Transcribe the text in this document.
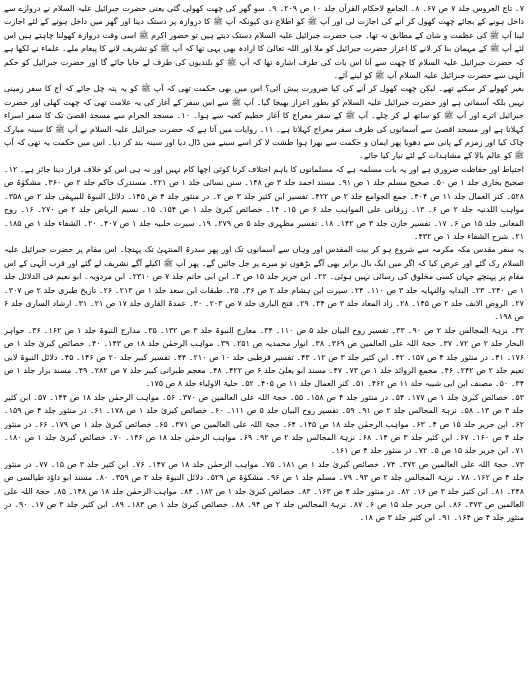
۷۔ تاج العروس جلد ۷ ص ۶۷۔ ۸۔ الجامع لاحکام القرآن جلد ۱۰ ص ۲۰۹۔ ۹۔ سو گھر کی چھت کھولی گئی یعنی حضرت جبرائیل علیہ السلام نے دروازے سے داخل ہونے کے بجائے چھت کھول کر آنے کی اجازت لی اور آپ ﷺ کو اطلاع دی کیونکہ آپ ﷺ کا دروازہ پر دستک دینا اور گھر میں داخل ہونے کے لئے اجازت لینا آپ ﷺ کی عظمت و شان کے مطابق نہ تھا۔ جب حضرت جبرائیل علیہ السلام دستک دیتے ہیں تو حضور اکرم ﷺ اسی وقت دروازہ کھولنا چاہتے ہیں اس لئے آپ ﷺ کے مہمان بنا کر لانے کا اعزاز حضرت جبرائیل کو ملا اور اللہ تعالیٰ کا ارادہ بھی یہی تھا کہ آپ ﷺ کو تشریف لانے کا پیغام ملے۔ علماء نے لکھا ہے کہ حضرت جبرائیل علیہ السلام کا چھت سے آنا اس بات کی طرف اشارہ تھا کہ آپ ﷺ کو بلندیوں کی طرف لے جایا جائے گا اور حضرت جبرائیل کو حکم الٰہی سے حضرت جبرائیل علیہ السلام آپ ﷺ کو لینے آئے۔

بغیر کھولے کر سکتے تھے۔ لیکن چھت کھول کر آنے کی کیا ضرورت پیش آئی؟ اس میں بھی حکمت تھی کہ آپ ﷺ کو یہ پتہ چل جائے کہ آج کا سفر زمینی نہیں بلکہ آسمانی ہے اور حضرت جبرائیل علیہ السلام کو بطور اعزاز بھیجا گیا۔ آپ ﷺ سے اس سفر کے آغاز کی یہ علامت تھی کہ چھت کھلی اور حضرت جبرائیل اترے اور آپ ﷺ کو ساتھ لے کر چلے۔ آپ ﷺ کے سفر معراج کا آغاز حطیم کعبہ سے ہوا۔ ۱۰۔ مسجد الحرام سے مسجد اقصیٰ تک کا سفر اسراء کہلاتا ہے اور مسجد اقصیٰ سے آسمانوں کی طرف سفر معراج کہلاتا ہے۔ ۱۱۔ روایات میں آتا ہے کہ حضرت جبرائیل علیہ السلام نے آپ ﷺ کا سینہ مبارک چاک کیا اور زمزم کے پانی سے دھویا پھر ایمان و حکمت سے بھرا ہوا طشت لا کر اسے سینے میں ڈال دیا اور سینہ بند کر دیا۔ اس میں حکمت یہ تھی کہ آپ ﷺ کو عالم بالا کے مشاہدات کے لئے تیار کیا جائے۔

احتیاط اور حفاظت ضروری ہے اور یہ بات مسلمہ ہے کہ مسلمانوں کا باہم اختلاف کرنا کوئی اچھا کام نہیں اور نہ ہی اس کو خلاف قرار دینا جائز ہے۔ ۱۲۔ صحیح بخاری جلد ۱ ص ۵۰۔ صحیح مسلم جلد ۱ ص ۹۱۔ مسند احمد جلد ۳ ص ۱۴۸۔ سنن نسائی جلد ۱ ص ۲۲۱۔ مستدرک حاکم جلد ۲ ص ۳۶۰۔ مشکوٰۃ ص ۵۲۸۔ کنز العمال جلد ۱۱ ص ۴۰۴۔ جمع الجوامع جلد ۲ ص ۴۲۲۔ تفسیر ابن کثیر جلد ۳ ص ۲۔ در منثور جلد ۴ ص ۱۴۵۔ دلائل النبوۃ للبیہقی جلد ۲ ص ۳۵۸۔ مواہب اللدنیہ جلد ۲ ص ۶۔ ۱۳۔ زرقانی علی المواہب جلد ۶ ص ۱۵۔ ۱۴۔ خصائص کبریٰ جلد ۱ ص ۱۵۴۔ ۱۵۔ نسیم الریاض جلد ۲ ص ۲۷۰۔ ۱۶۔ روح المعانی جلد ۱۵ ص ۶۔ ۱۷۔ تفسیر خازن جلد ۳ ص ۱۴۲۔ ۱۸۔ تفسیر مظہری جلد ۵ ص ۲۷۹۔ ۱۹۔ سیرت حلبیہ جلد ۱ ص ۴۰۷۔ ۲۰۔ الشفاء جلد ۱ ص ۱۸۵۔ ۲۱۔ شرح الشفاء جلد ۱ ص ۴۳۲۔

یہ سفر مقدس مکہ مکرمہ سے شروع ہو کر بیت المقدس اور وہاں سے آسمانوں تک اور پھر سدرۃ المنتہیٰ تک پہنچا۔ اس مقام پر حضرت جبرائیل علیہ السلام رک گئے اور عرض کیا کہ اگر میں ایک بال برابر بھی آگے بڑھوں تو میرے پر جل جائیں گے۔ پھر آپ ﷺ اکیلے آگے تشریف لے گئے اور قرب الٰہی کے اس مقام پر پہنچے جہاں کسی مخلوق کی رسائی نہیں ہوئی۔ ۲۲۔ ابن جریر جلد ۱۵ ص ۳۔ ابن ابی حاتم جلد ۷ ص ۲۳۱۰۔ ابن مردویہ۔ ابو نعیم فی الدلائل جلد ۱ ص ۲۴۰۔ ۲۳۔ البدایہ والنہایہ جلد ۳ ص ۱۱۰۔ ۲۴۔ سیرت ابن ہشام جلد ۲ ص ۳۶۔ ۲۵۔ طبقات ابن سعد جلد ۱ ص ۲۱۳۔ ۲۶۔ تاریخ طبری جلد ۲ ص ۳۰۷۔ ۲۷۔ الروض الانف جلد ۲ ص ۱۴۵۔ ۲۸۔ زاد المعاد جلد ۳ ص ۳۴۔ ۲۹۔ فتح الباری جلد ۷ ص ۲۰۳۔ ۳۰۔ عمدۃ القاری جلد ۱۷ ص ۲۱۔ ۳۱۔ ارشاد الساری جلد ۶ ص ۱۹۸۔

۳۲۔ نزہۃ المجالس جلد ۲ ص ۹۰۔ ۳۳۔ تفسیر روح البیان جلد ۵ ص ۱۱۰۔ ۳۴۔ معارج النبوۃ جلد ۳ ص ۱۳۲۔ ۳۵۔ مدارج النبوۃ جلد ۱ ص ۱۶۲۔ ۳۶۔ جواہر البحار جلد ۲ ص ۷۲۔ ۳۷۔ حجۃ اللہ علی العالمین ص ۳۶۹۔ ۳۸۔ انوار محمدیہ ص ۲۵۱۔ ۳۹۔ مواہب الرحمٰن جلد ۱۸ ص ۱۴۳۔ ۴۰۔ خصائص کبریٰ جلد ۱ ص ۱۷۶۔ ۴۱۔ در منثور جلد ۴ ص ۱۵۷۔ ۴۲۔ ابن کثیر جلد ۳ ص ۱۲۔ ۴۳۔ تفسیر قرطبی جلد ۱۰ ص ۲۱۰۔ ۴۴۔ تفسیر کبیر جلد ۲۰ ص ۱۴۶۔ ۴۵۔ دلائل النبوۃ لابی نعیم جلد ۲ ص ۲۴۲۔ ۴۶۔ مجمع الزوائد جلد ۱ ص ۷۳۔ ۴۷۔ مسند ابو یعلیٰ جلد ۶ ص ۴۲۲۔ ۴۸۔ معجم طبرانی کبیر جلد ۷ ص ۲۸۲۔ ۴۹۔ مسند بزار جلد ۱ ص ۳۴۔ ۵۰۔ مصنف ابن ابی شیبہ جلد ۱۱ ص ۴۶۲۔ ۵۱۔ کنز العمال جلد ۱۱ ص ۴۰۵۔ ۵۲۔ حلیۃ الاولیاء جلد ۸ ص ۱۷۵۔

۵۳۔ خصائص کبریٰ جلد ۱ ص ۱۷۷۔ ۵۴۔ در منثور جلد ۴ ص ۱۵۸۔ ۵۵۔ حجۃ اللہ علی العالمین ص ۳۷۰۔ ۵۶۔ مواہب الرحمٰن جلد ۱۸ ص ۱۴۴۔ ۵۷۔ ابن کثیر جلد ۳ ص ۱۳۔ ۵۸۔ نزہۃ المجالس جلد ۲ ص ۹۱۔ ۵۹۔ تفسیر روح البیان جلد ۵ ص ۱۱۱۔ ۶۰۔ خصائص کبریٰ جلد ۱ ص ۱۷۸۔ ۶۱۔ در منثور جلد ۴ ص ۱۵۹۔ ۶۲۔ ابن جریر جلد ۱۵ ص ۴۔ ۶۳۔ مواہب الرحمٰن جلد ۱۸ ص ۱۴۵۔ ۶۴۔ حجۃ اللہ علی العالمین ص ۳۷۱۔ ۶۵۔ خصائص کبریٰ جلد ۱ ص ۱۷۹۔ ۶۶۔ در منثور جلد ۴ ص ۱۶۰۔ ۶۷۔ ابن کثیر جلد ۳ ص ۱۴۔ ۶۸۔ نزہۃ المجالس جلد ۲ ص ۹۲۔ ۶۹۔ مواہب الرحمٰن جلد ۱۸ ص ۱۴۶۔ ۷۰۔ خصائص کبریٰ جلد ۱ ص ۱۸۰۔ ۷۱۔ ابن جریر جلد ۱۵ ص ۵۔ ۷۲۔ در منثور جلد ۴ ص ۱۶۱۔

۷۳۔ حجۃ اللہ علی العالمین ص ۳۷۲۔ ۷۴۔ خصائص کبریٰ جلد ۱ ص ۱۸۱۔ ۷۵۔ مواہب الرحمٰن جلد ۱۸ ص ۱۴۷۔ ۷۶۔ ابن کثیر جلد ۳ ص ۱۵۔ ۷۷۔ در منثور جلد ۴ ص ۱۶۲۔ ۷۸۔ نزہۃ المجالس جلد ۲ ص ۹۳۔ ۷۹۔ مسلم جلد ۱ ص ۹۶۔ مشکوٰۃ ص ۵۲۹۔ دلائل النبوۃ جلد ۲ ص ۳۵۹۔ ۸۰۔ مسند ابو داؤد طیالسی ص ۲۴۸۔ ۸۱۔ ابن کثیر جلد ۳ ص ۱۶۔ ۸۲۔ در منثور جلد ۴ ص ۱۶۳۔ ۸۳۔ خصائص کبریٰ جلد ۱ ص ۱۸۲۔ ۸۴۔ مواہب الرحمٰن جلد ۱۸ ص ۱۴۸۔ ۸۵۔ حجۃ اللہ علی العالمین ص ۳۷۳۔ ۸۶۔ ابن جریر جلد ۱۵ ص ۶۔ ۸۷۔ نزہۃ المجالس جلد ۲ ص ۹۴۔ ۸۸۔ خصائص کبریٰ جلد ۱ ص ۱۸۳۔ ۸۹۔ ابن کثیر جلد ۳ ص ۱۷۔ ۹۰۔ در منثور جلد ۴ ص ۱۶۴۔ ۹۱۔ ابن کثیر جلد ۳ ص ۱۸۔
